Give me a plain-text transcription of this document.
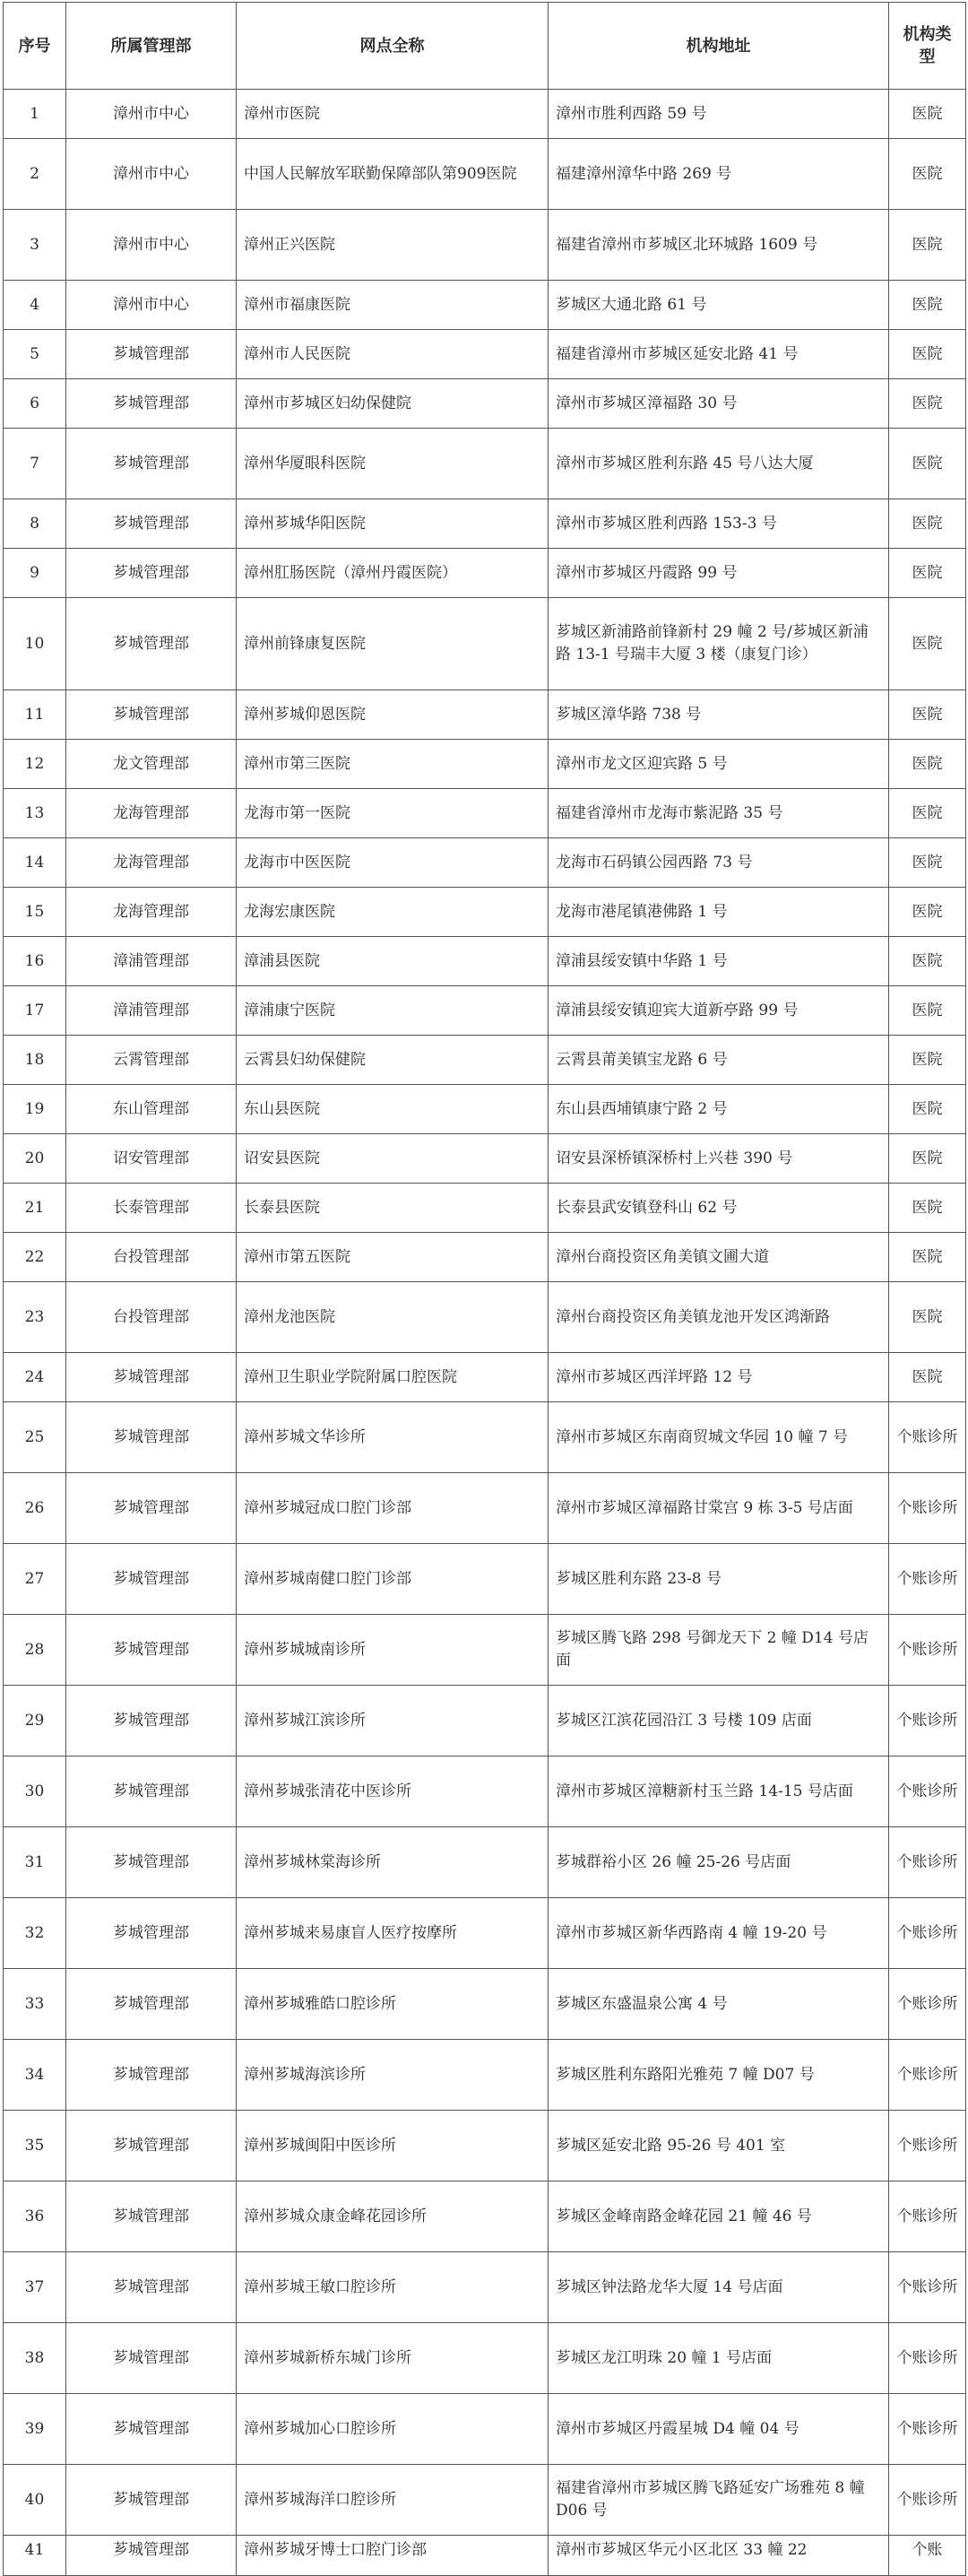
序号	所属管理部	网点全称	机构地址	机构类型
1	漳州市中心	漳州市医院	漳州市胜利西路 59 号	医院
2	漳州市中心	中国人民解放军联勤保障部队第909医院	福建漳州漳华中路 269 号	医院
3	漳州市中心	漳州正兴医院	福建省漳州市芗城区北环城路 1609 号	医院
4	漳州市中心	漳州市福康医院	芗城区大通北路 61 号	医院
5	芗城管理部	漳州市人民医院	福建省漳州市芗城区延安北路 41 号	医院
6	芗城管理部	漳州市芗城区妇幼保健院	漳州市芗城区漳福路 30 号	医院
7	芗城管理部	漳州华厦眼科医院	漳州市芗城区胜利东路 45 号八达大厦	医院
8	芗城管理部	漳州芗城华阳医院	漳州市芗城区胜利西路 153-3 号	医院
9	芗城管理部	漳州肛肠医院（漳州丹霞医院）	漳州市芗城区丹霞路 99 号	医院
10	芗城管理部	漳州前锋康复医院	芗城区新浦路前锋新村 29 幢 2 号/芗城区新浦路 13-1 号瑞丰大厦 3 楼（康复门诊）	医院
11	芗城管理部	漳州芗城仰恩医院	芗城区漳华路 738 号	医院
12	龙文管理部	漳州市第三医院	漳州市龙文区迎宾路 5 号	医院
13	龙海管理部	龙海市第一医院	福建省漳州市龙海市紫泥路 35 号	医院
14	龙海管理部	龙海市中医医院	龙海市石码镇公园西路 73 号	医院
15	龙海管理部	龙海宏康医院	龙海市港尾镇港佛路 1 号	医院
16	漳浦管理部	漳浦县医院	漳浦县绥安镇中华路 1 号	医院
17	漳浦管理部	漳浦康宁医院	漳浦县绥安镇迎宾大道新亭路 99 号	医院
18	云霄管理部	云霄县妇幼保健院	云霄县莆美镇宝龙路 6 号	医院
19	东山管理部	东山县医院	东山县西埔镇康宁路 2 号	医院
20	诏安管理部	诏安县医院	诏安县深桥镇深桥村上兴巷 390 号	医院
21	长泰管理部	长泰县医院	长泰县武安镇登科山 62 号	医院
22	台投管理部	漳州市第五医院	漳州台商投资区角美镇文圃大道	医院
23	台投管理部	漳州龙池医院	漳州台商投资区角美镇龙池开发区鸿渐路	医院
24	芗城管理部	漳州卫生职业学院附属口腔医院	漳州市芗城区西洋坪路 12 号	医院
25	芗城管理部	漳州芗城文华诊所	漳州市芗城区东南商贸城文华园 10 幢 7 号	个账诊所
26	芗城管理部	漳州芗城冠成口腔门诊部	漳州市芗城区漳福路甘棠宫 9 栋 3-5 号店面	个账诊所
27	芗城管理部	漳州芗城南健口腔门诊部	芗城区胜利东路 23-8 号	个账诊所
28	芗城管理部	漳州芗城城南诊所	芗城区腾飞路 298 号御龙天下 2 幢 D14 号店面	个账诊所
29	芗城管理部	漳州芗城江滨诊所	芗城区江滨花园沿江 3 号楼 109 店面	个账诊所
30	芗城管理部	漳州芗城张清花中医诊所	漳州市芗城区漳糖新村玉兰路 14-15 号店面	个账诊所
31	芗城管理部	漳州芗城林棠海诊所	芗城群裕小区 26 幢 25-26 号店面	个账诊所
32	芗城管理部	漳州芗城来易康盲人医疗按摩所	漳州市芗城区新华西路南 4 幢 19-20 号	个账诊所
33	芗城管理部	漳州芗城雅皓口腔诊所	芗城区东盛温泉公寓 4 号	个账诊所
34	芗城管理部	漳州芗城海滨诊所	芗城区胜利东路阳光雅苑 7 幢 D07 号	个账诊所
35	芗城管理部	漳州芗城闽阳中医诊所	芗城区延安北路 95-26 号 401 室	个账诊所
36	芗城管理部	漳州芗城众康金峰花园诊所	芗城区金峰南路金峰花园 21 幢 46 号	个账诊所
37	芗城管理部	漳州芗城王敏口腔诊所	芗城区钟法路龙华大厦 14 号店面	个账诊所
38	芗城管理部	漳州芗城新桥东城门诊所	芗城区龙江明珠 20 幢 1 号店面	个账诊所
39	芗城管理部	漳州芗城加心口腔诊所	漳州市芗城区丹霞星城 D4 幢 04 号	个账诊所
40	芗城管理部	漳州芗城海洋口腔诊所	福建省漳州市芗城区腾飞路延安广场雅苑 8 幢 D06 号	个账诊所
41	芗城管理部	漳州芗城牙博士口腔门诊部	漳州市芗城区华元小区北区 33 幢 22	个账
